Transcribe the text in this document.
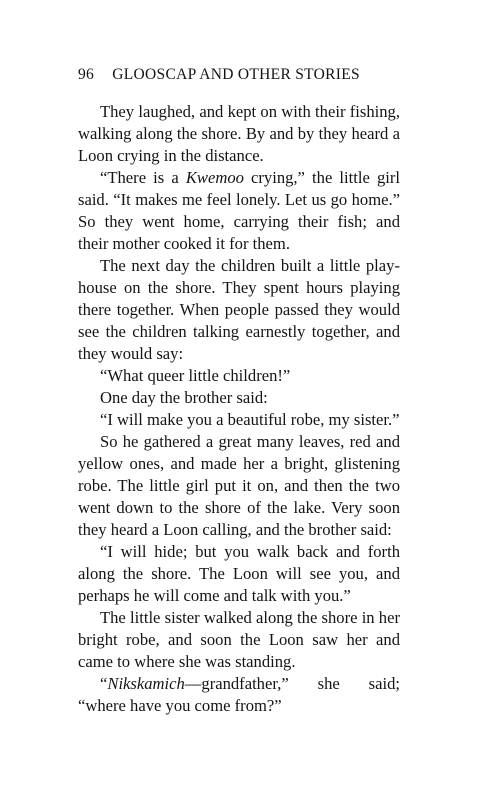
96 GLOOSCAP AND OTHER STORIES

They laughed, and kept on with their fishing, walking along the shore. By and by they heard a Loon crying in the distance.

“There is a Kwemoo crying,” the little girl said. “It makes me feel lonely. Let us go home.” So they went home, carrying their fish; and their mother cooked it for them.

The next day the children built a little playhouse on the shore. They spent hours playing there together. When people passed they would see the children talking earnestly together, and they would say:

“What queer little children!”

One day the brother said:

“I will make you a beautiful robe, my sister.”

So he gathered a great many leaves, red and yellow ones, and made her a bright, glistening robe. The little girl put it on, and then the two went down to the shore of the lake. Very soon they heard a Loon calling, and the brother said:

“I will hide; but you walk back and forth along the shore. The Loon will see you, and perhaps he will come and talk with you.”

The little sister walked along the shore in her bright robe, and soon the Loon saw her and came to where she was standing.

“Nikskamich—grandfather,” she said; “where have you come from?”
